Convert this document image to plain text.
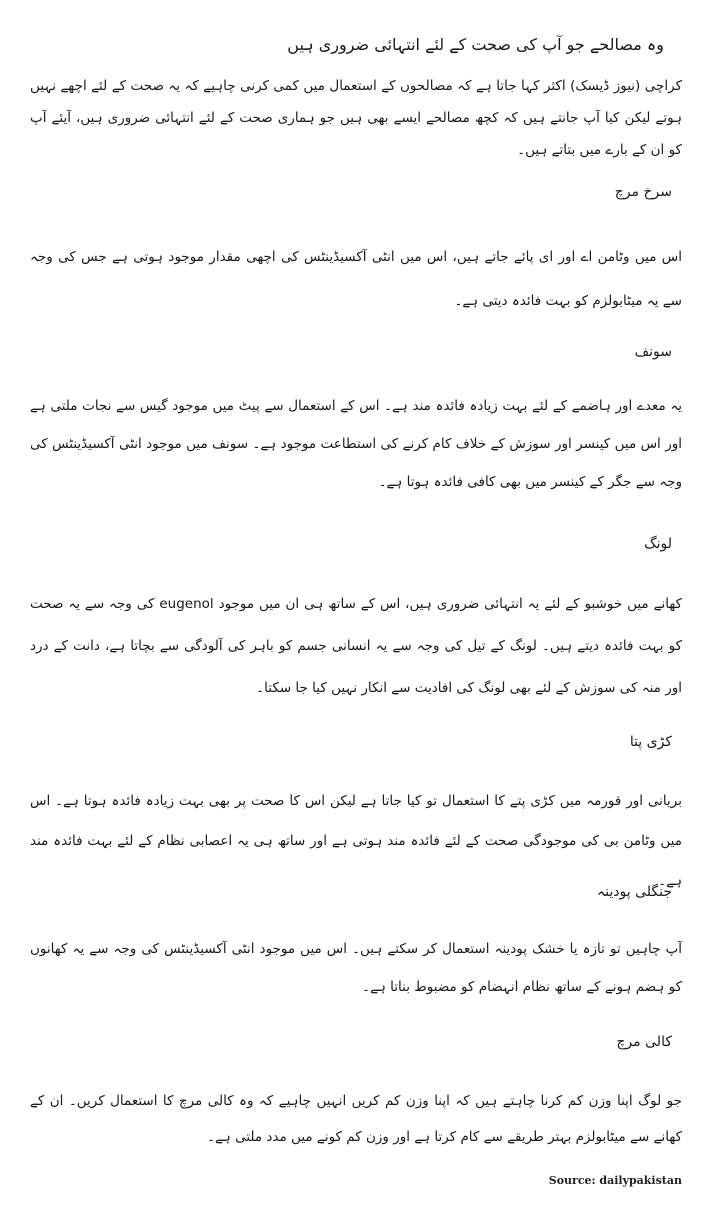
وہ مصالحے جو آپ کی صحت کے لئے انتہائی ضروری ہیں
کراچی (نیوز ڈیسک) اکثر کہا جاتا ہے کہ مصالحوں کے استعمال میں کمی کرنی چاہیے کہ یہ صحت کے لئے اچھے نہیں ہوتے لیکن کیا آپ جانتے ہیں کہ کچھ مصالحے ایسے بھی ہیں جو ہماری صحت کے لئے انتہائی ضروری ہیں، آیئے آپ کو ان کے بارے میں بتاتے ہیں۔
سرخ مرچ
اس میں وٹامن اے اور ای پائے جاتے ہیں، اس میں انٹی آکسیڈینٹس کی اچھی مقدار موجود ہوتی ہے جس کی وجہ سے یہ میٹابولزم کو بہت فائدہ دیتی ہے۔
سونف
یہ معدے اور ہاضمے کے لئے بہت زیادہ فائدہ مند ہے۔ اس کے استعمال سے پیٹ میں موجود گیس سے نجات ملتی ہے اور اس میں کینسر اور سوزش کے خلاف کام کرنے کی استطاعت موجود ہے۔ سونف میں موجود انٹی آکسیڈینٹس کی وجہ سے جگر کے کینسر میں بھی کافی فائدہ ہوتا ہے۔
لونگ
کھانے میں خوشبو کے لئے یہ انتہائی ضروری ہیں، اس کے ساتھ ہی ان میں موجود eugenol کی وجہ سے یہ صحت کو بہت فائدہ دیتے ہیں۔ لونگ کے تیل کی وجہ سے یہ انسانی جسم کو باہر کی آلودگی سے بچاتا ہے، دانت کے درد اور منہ کی سوزش کے لئے بھی لونگ کی افادیت سے انکار نہیں کیا جا سکتا۔
کڑی پتا
بریانی اور قورمہ میں کڑی پتے کا استعمال تو کیا جاتا ہے لیکن اس کا صحت پر بھی بہت زیادہ فائدہ ہوتا ہے۔ اس میں وٹامن بی کی موجودگی صحت کے لئے فائدہ مند ہوتی ہے اور ساتھ ہی یہ اعصابی نظام کے لئے بہت فائدہ مند ہے۔
جنگلی پودینہ
آپ چاہیں تو تازہ یا خشک پودینہ استعمال کر سکتے ہیں۔ اس میں موجود انٹی آکسیڈینٹس کی وجہ سے یہ کھانوں کو ہضم ہونے کے ساتھ نظام انہضام کو مضبوط بناتا ہے۔
کالی مرچ
جو لوگ اپنا وزن کم کرنا چاہتے ہیں کہ اپنا وزن کم کریں انہیں چاہیے کہ وہ کالی مرچ کا استعمال کریں۔ ان کے کھانے سے میٹابولزم بہتر طریقے سے کام کرتا ہے اور وزن کم کونے میں مدد ملتی ہے۔
Source: dailypakistan
